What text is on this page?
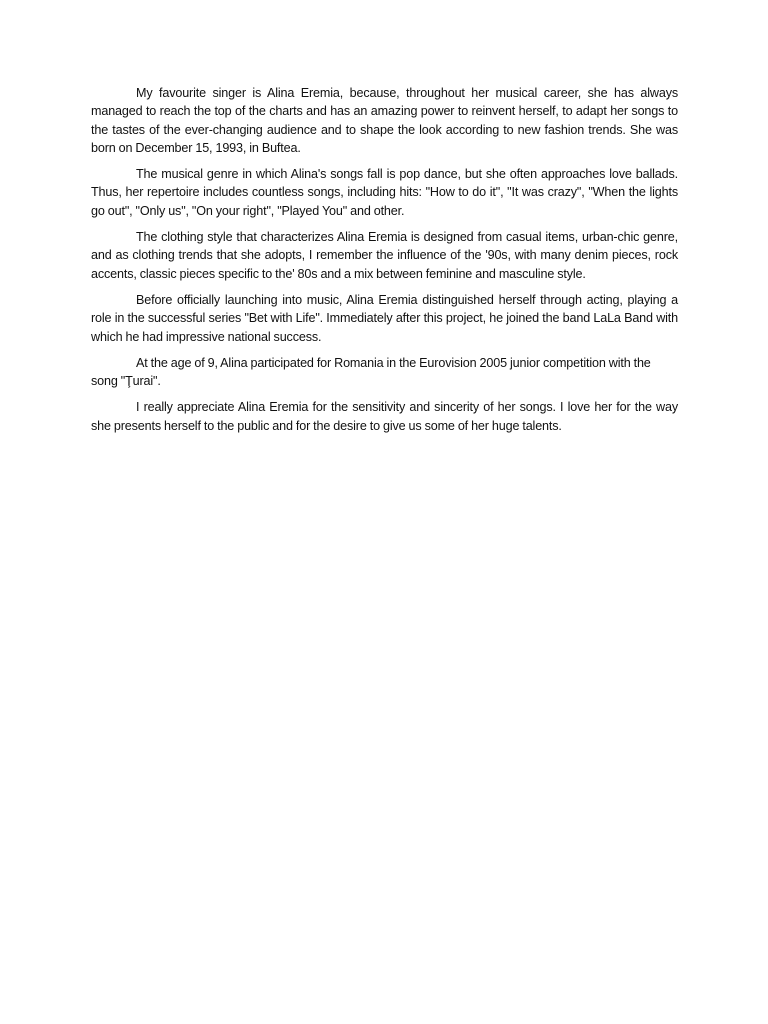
My favourite singer is Alina Eremia, because, throughout her musical career, she has always managed to reach the top of the charts and has an amazing power to reinvent herself, to adapt her songs to the tastes of the ever-changing audience and to shape the look according to new fashion trends. She was born on December 15, 1993, in Buftea.

The musical genre in which Alina's songs fall is pop dance, but she often approaches love ballads. Thus, her repertoire includes countless songs, including hits: "How to do it", "It was crazy", "When the lights go out", "Only us", "On your right", "Played You" and other.

The clothing style that characterizes Alina Eremia is designed from casual items, urban-chic genre, and as clothing trends that she adopts, I remember the influence of the '90s, with many denim pieces, rock accents, classic pieces specific to the' 80s and a mix between feminine and masculine style.

Before officially launching into music, Alina Eremia distinguished herself through acting, playing a role in the successful series "Bet with Life". Immediately after this project, he joined the band LaLa Band with which he had impressive national success.

At the age of 9, Alina participated for Romania in the Eurovision 2005 junior competition with the song "Ţurai".

I really appreciate Alina Eremia for the sensitivity and sincerity of her songs. I love her for the way she presents herself to the public and for the desire to give us some of her huge talents.
